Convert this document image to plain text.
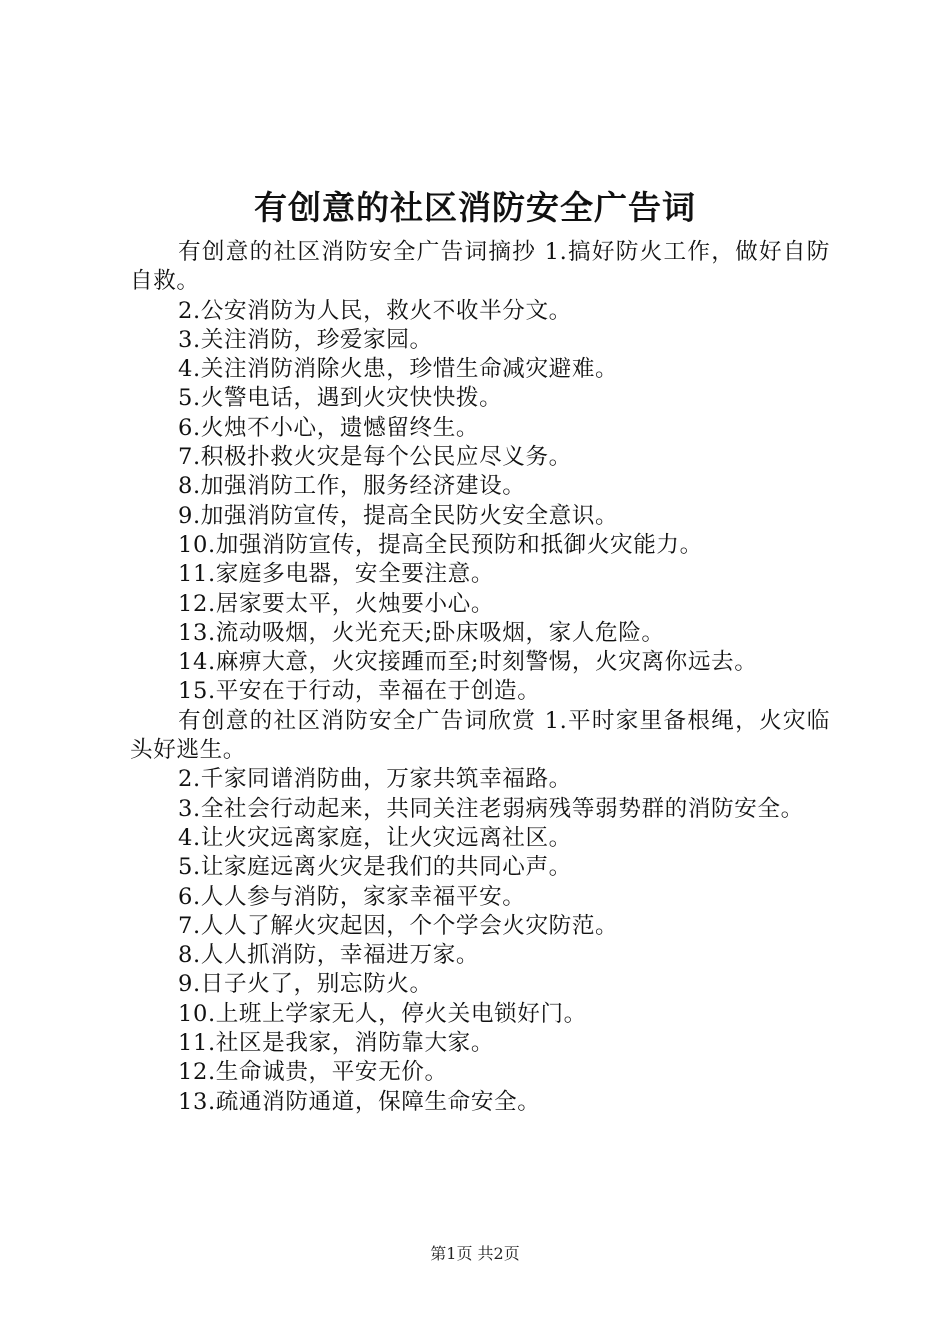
有创意的社区消防安全广告词

有创意的社区消防安全广告词摘抄 1.搞好防火工作，做好自防自救。

2.公安消防为人民，救火不收半分文。

3.关注消防，珍爱家园。

4.关注消防消除火患，珍惜生命减灾避难。

5.火警电话，遇到火灾快快拨。

6.火烛不小心，遗憾留终生。

7.积极扑救火灾是每个公民应尽义务。

8.加强消防工作，服务经济建设。

9.加强消防宣传，提高全民防火安全意识。

10.加强消防宣传，提高全民预防和抵御火灾能力。

11.家庭多电器，安全要注意。

12.居家要太平，火烛要小心。

13.流动吸烟，火光充天;卧床吸烟，家人危险。

14.麻痹大意，火灾接踵而至;时刻警惕，火灾离你远去。

15.平安在于行动，幸福在于创造。

有创意的社区消防安全广告词欣赏 1.平时家里备根绳，火灾临头好逃生。

2.千家同谱消防曲，万家共筑幸福路。

3.全社会行动起来，共同关注老弱病残等弱势群的消防安全。

4.让火灾远离家庭，让火灾远离社区。

5.让家庭远离火灾是我们的共同心声。

6.人人参与消防，家家幸福平安。

7.人人了解火灾起因，个个学会火灾防范。

8.人人抓消防，幸福进万家。

9.日子火了，别忘防火。

10.上班上学家无人，停火关电锁好门。

11.社区是我家，消防靠大家。

12.生命诚贵，平安无价。

13.疏通消防通道，保障生命安全。

第1页 共2页
